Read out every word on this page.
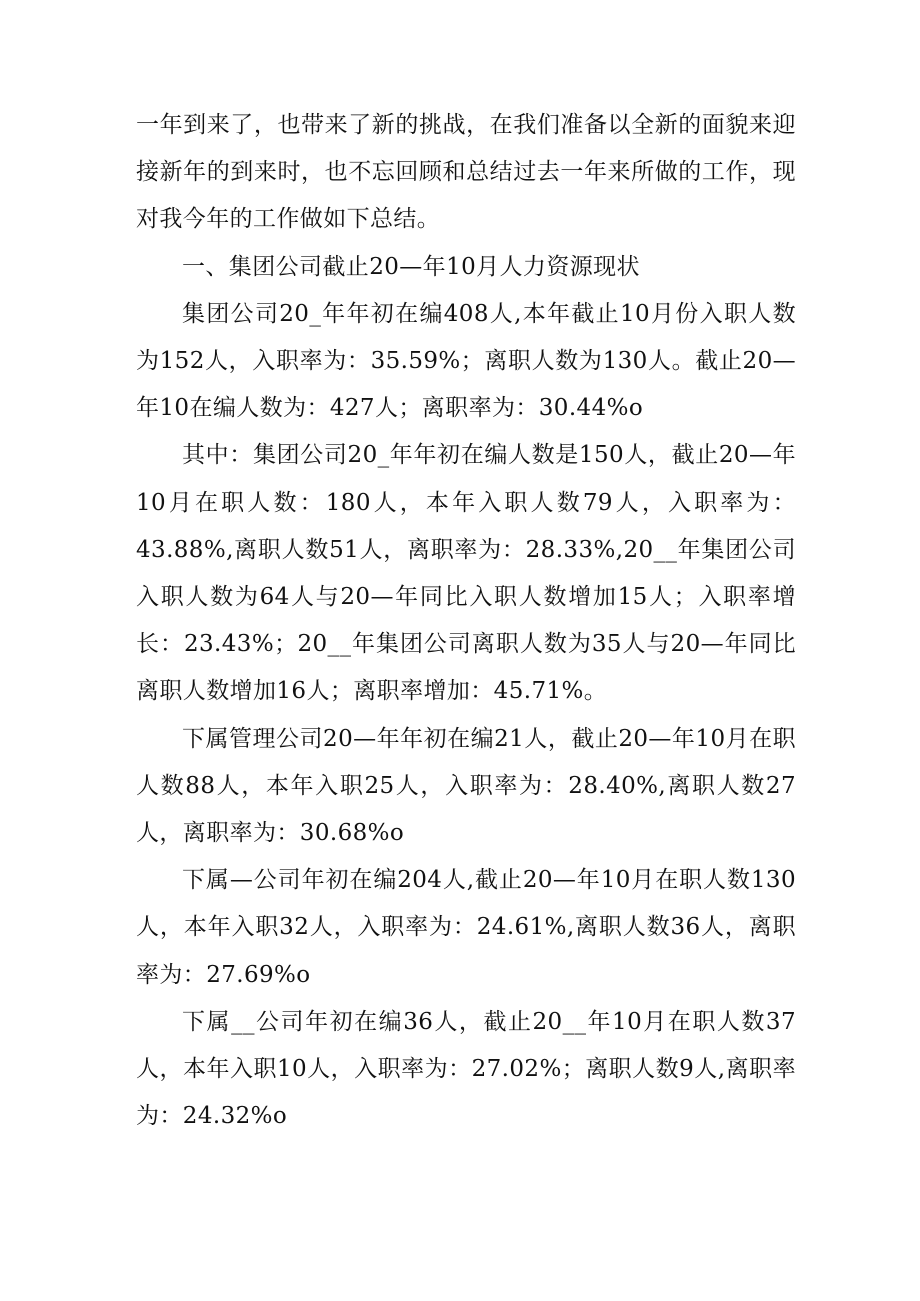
一年到来了，也带来了新的挑战，在我们准备以全新的面貌来迎接新年的到来时，也不忘回顾和总结过去一年来所做的工作，现对我今年的工作做如下总结。

一、集团公司截止20—年10月人力资源现状

集团公司20_年年初在编408人,本年截止10月份入职人数为152人，入职率为：35.59%；离职人数为130人。截止20—年10在编人数为：427人；离职率为：30.44%o

其中：集团公司20_年年初在编人数是150人，截止20—年10月在职人数：180人，本年入职人数79人，入职率为：43.88%,离职人数51人，离职率为：28.33%,20__年集团公司入职人数为64人与20—年同比入职人数增加15人；入职率增长：23.43%；20__年集团公司离职人数为35人与20—年同比离职人数增加16人；离职率增加：45.71%。

下属管理公司20—年年初在编21人，截止20—年10月在职人数88人，本年入职25人，入职率为：28.40%,离职人数27人，离职率为：30.68%o

下属—公司年初在编204人,截止20—年10月在职人数130人，本年入职32人，入职率为：24.61%,离职人数36人，离职率为：27.69%o

下属__公司年初在编36人，截止20__年10月在职人数37人，本年入职10人，入职率为：27.02%；离职人数9人,离职率为：24.32%o
